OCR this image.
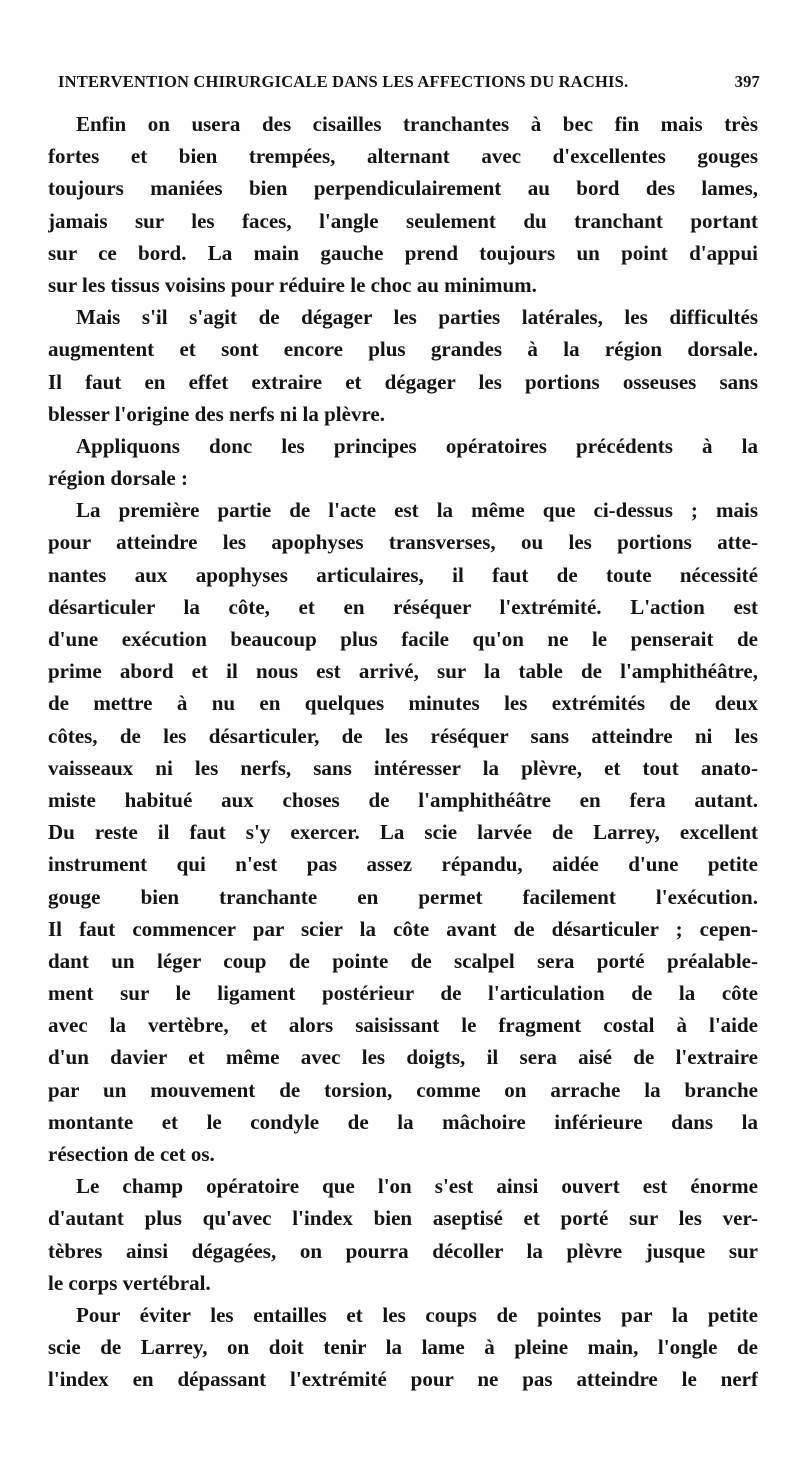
INTERVENTION CHIRURGICALE DANS LES AFFECTIONS DU RACHIS.	397
Enfin on usera des cisailles tranchantes à bec fin mais très
fortes et bien trempées, alternant avec d'excellentes gouges
toujours maniées bien perpendiculairement au bord des lames,
jamais sur les faces, l'angle seulement du tranchant portant
sur ce bord. La main gauche prend toujours un point d'appui
sur les tissus voisins pour réduire le choc au minimum.
Mais s'il s'agit de dégager les parties latérales, les difficultés
augmentent et sont encore plus grandes à la région dorsale.
Il faut en effet extraire et dégager les portions osseuses sans
blesser l'origine des nerfs ni la plèvre.
Appliquons donc les principes opératoires précédents à la
région dorsale :
La première partie de l'acte est la même que ci-dessus ; mais
pour atteindre les apophyses transverses, ou les portions atte-
nantes aux apophyses articulaires, il faut de toute nécessité
désarticuler la côte, et en réséquer l'extrémité. L'action est
d'une exécution beaucoup plus facile qu'on ne le penserait de
prime abord et il nous est arrivé, sur la table de l'amphithéâtre,
de mettre à nu en quelques minutes les extrémités de deux
côtes, de les désarticuler, de les réséquer sans atteindre ni les
vaisseaux ni les nerfs, sans intéresser la plèvre, et tout anato-
miste habitué aux choses de l'amphithéâtre en fera autant.
Du reste il faut s'y exercer. La scie larvée de Larrey, excellent
instrument qui n'est pas assez répandu, aidée d'une petite
gouge bien tranchante en permet facilement l'exécution.
Il faut commencer par scier la côte avant de désarticuler ; cepen-
dant un léger coup de pointe de scalpel sera porté préalable-
ment sur le ligament postérieur de l'articulation de la côte
avec la vertèbre, et alors saisissant le fragment costal à l'aide
d'un davier et même avec les doigts, il sera aisé de l'extraire
par un mouvement de torsion, comme on arrache la branche
montante et le condyle de la mâchoire inférieure dans la
résection de cet os.
Le champ opératoire que l'on s'est ainsi ouvert est énorme
d'autant plus qu'avec l'index bien aseptisé et porté sur les ver-
tèbres ainsi dégagées, on pourra décoller la plèvre jusque sur
le corps vertébral.
Pour éviter les entailles et les coups de pointes par la petite
scie de Larrey, on doit tenir la lame à pleine main, l'ongle de
l'index en dépassant l'extrémité pour ne pas atteindre le nerf
